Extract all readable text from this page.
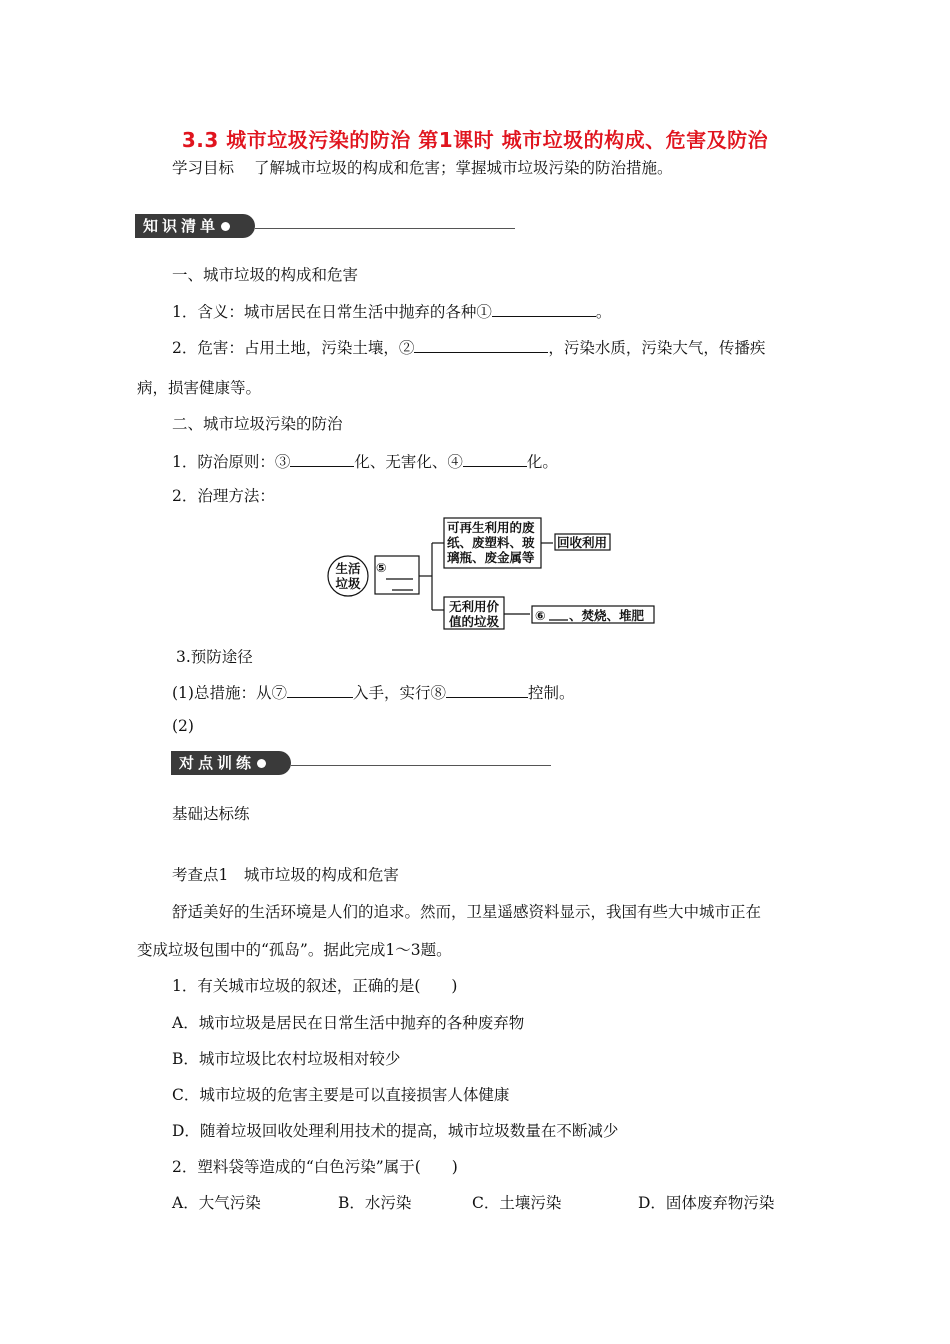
3.3 城市垃圾污染的防治 第1课时 城市垃圾的构成、危害及防治
学习目标 了解城市垃圾的构成和危害；掌握城市垃圾污染的防治措施。
知识清单
一、城市垃圾的构成和危害
1．含义：城市居民在日常生活中抛弃的各种①	。
2．危害：占用土地，污染土壤，②	，污染水质，污染大气，传播疾
病，损害健康等。
二、城市垃圾污染的防治
1．防治原则：③	化、无害化、④	化。
2．治理方法：
生活
垃圾
⑤
可再生利用的废
纸、废塑料、玻
璃瓶、废金属等
回收利用
无利用价
值的垃圾	⑥ 、焚烧、堆肥
3.预防途径
(1)总措施：从⑦	入手，实行⑧	控制。
(2)
对点训练
基础达标练
考查点1　城市垃圾的构成和危害
舒适美好的生活环境是人们的追求。然而，卫星遥感资料显示，我国有些大中城市正在
变成垃圾包围中的“孤岛”。据此完成1～3题。
1．有关城市垃圾的叙述，正确的是(　　)
A．城市垃圾是居民在日常生活中抛弃的各种废弃物
B．城市垃圾比农村垃圾相对较少
C．城市垃圾的危害主要是可以直接损害人体健康
D．随着垃圾回收处理利用技术的提高，城市垃圾数量在不断减少
2．塑料袋等造成的“白色污染”属于(　　)
A．大气污染	B．水污染	C．土壤污染	D．固体废弃物污染
